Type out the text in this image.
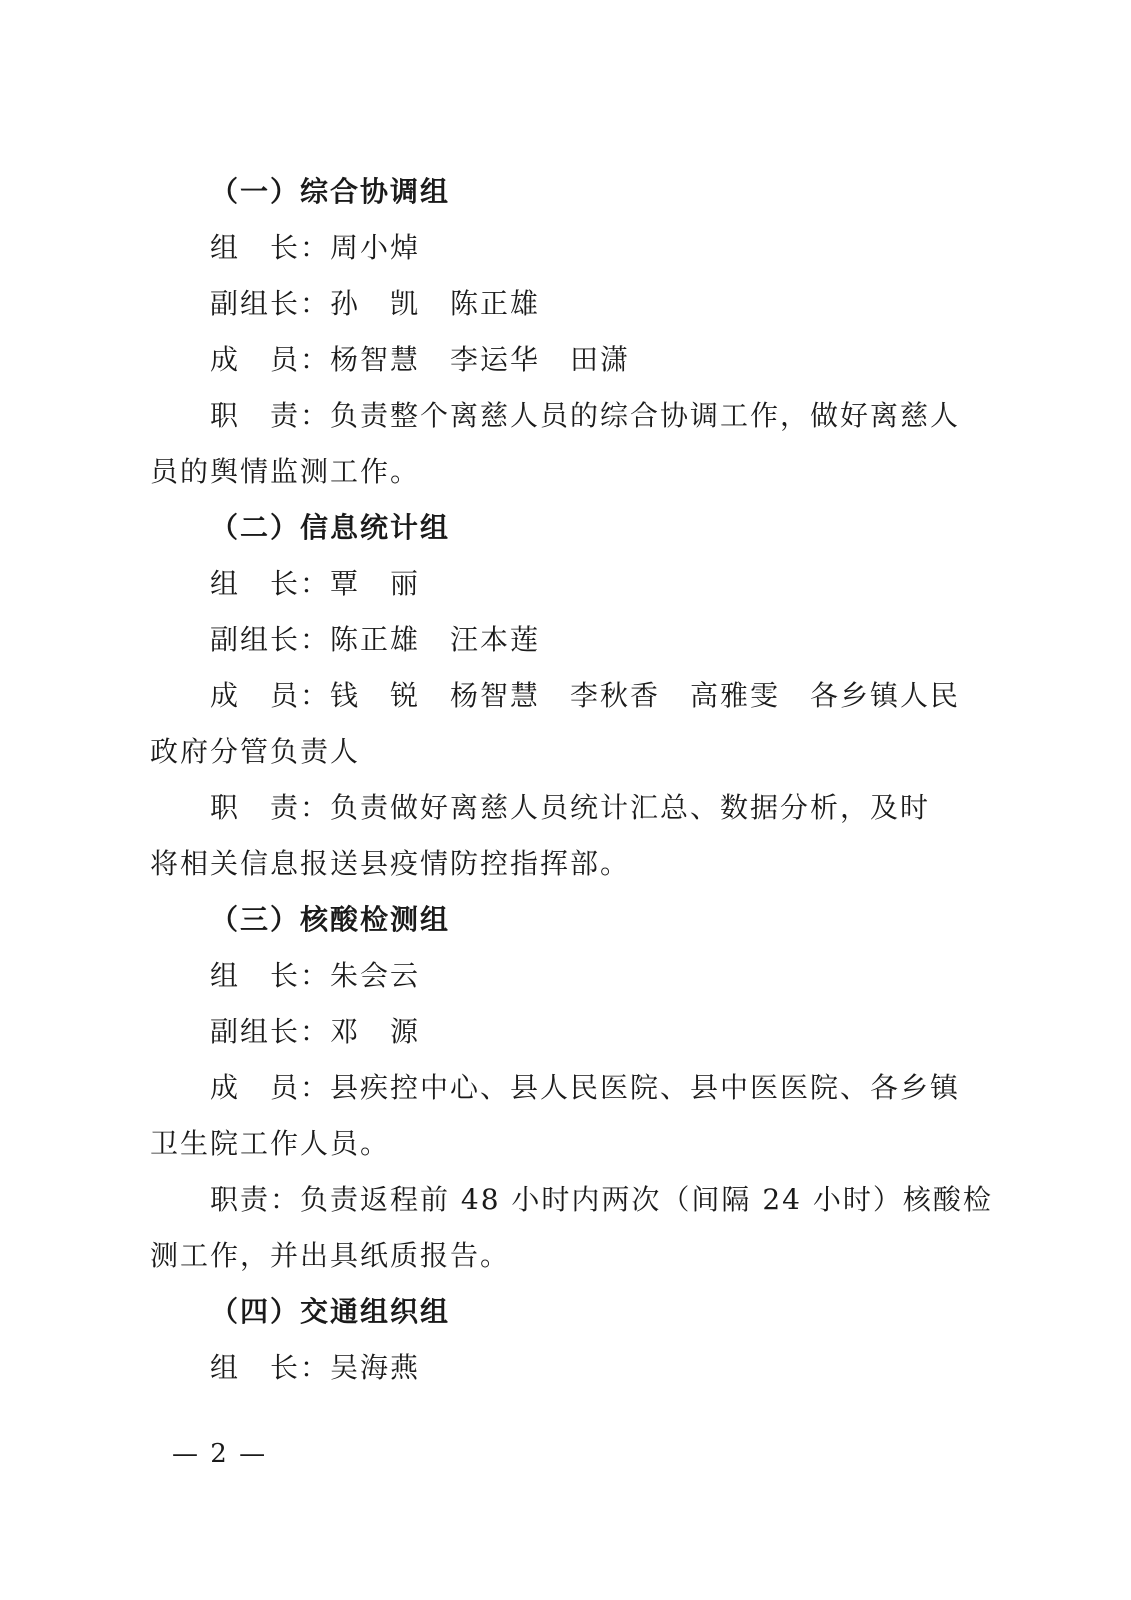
（一）综合协调组
组　长：周小焯
副组长：孙　凯　陈正雄
成　员：杨智慧　李运华　田潇
职　责：负责整个离慈人员的综合协调工作，做好离慈人
员的舆情监测工作。
（二）信息统计组
组　长：覃　丽
副组长：陈正雄　汪本莲
成　员：钱　锐　杨智慧　李秋香　高雅雯　各乡镇人民
政府分管负责人
职　责：负责做好离慈人员统计汇总、数据分析，及时
将相关信息报送县疫情防控指挥部。
（三）核酸检测组
组　长：朱会云
副组长：邓　源
成　员：县疾控中心、县人民医院、县中医医院、各乡镇
卫生院工作人员。
职责：负责返程前 48 小时内两次（间隔 24 小时）核酸检
测工作，并出具纸质报告。
（四）交通组织组
组　长：吴海燕
— 2 —
